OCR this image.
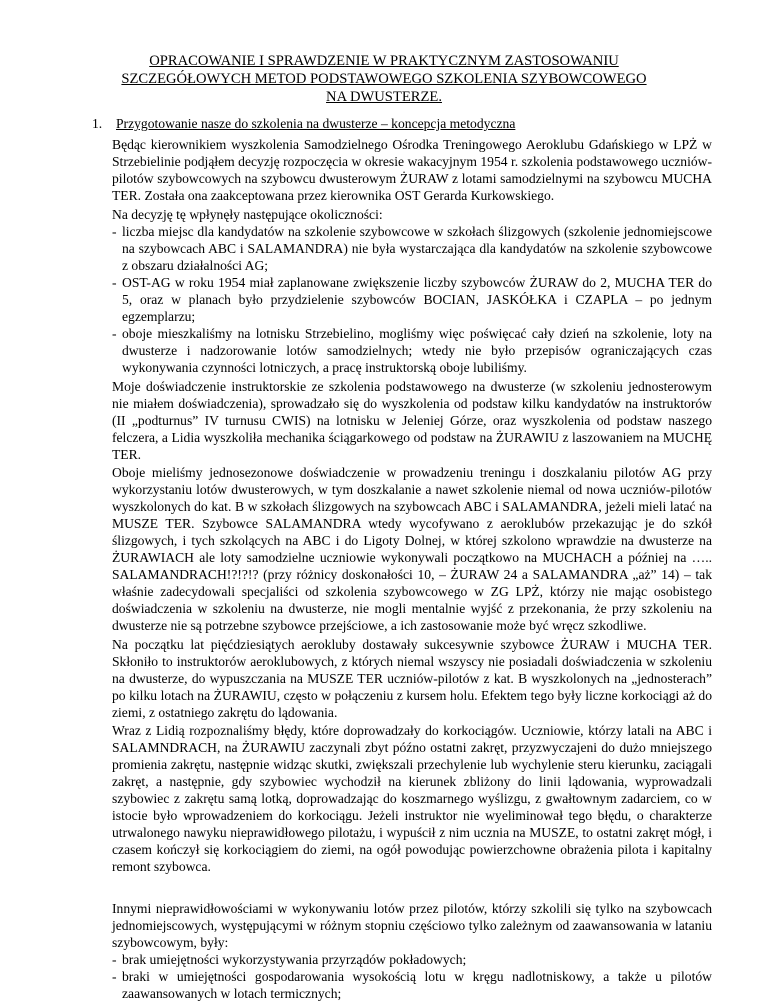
OPRACOWANIE I SPRAWDZENIE W PRAKTYCZNYM ZASTOSOWANIU
SZCZEGÓŁOWYCH METOD PODSTAWOWEGO SZKOLENIA SZYBOWCOWEGO
NA DWUSTERZE.
1. Przygotowanie nasze do szkolenia na dwusterze – koncepcja metodyczna

Będąc kierownikiem wyszkolenia Samodzielnego Ośrodka Treningowego Aeroklubu Gdańskiego w LPŻ w Strzebielinie podjąłem decyzję rozpoczęcia w okresie wakacyjnym 1954 r. szkolenia podstawowego uczniów-pilotów szybowcowych na szybowcu dwusterowym ŻURAW z lotami samodzielnymi na szybowcu MUCHA TER. Została ona zaakceptowana przez kierownika OST Gerarda Kurkowskiego.

Na decyzję tę wpłynęły następujące okoliczności:

- liczba miejsc dla kandydatów na szkolenie szybowcowe w szkołach ślizgowych (szkolenie jednomiejscowe na szybowcach ABC i SALAMANDRA) nie była wystarczająca dla kandydatów na szkolenie szybowcowe z obszaru działalności AG;
- OST-AG w roku 1954 miał zaplanowane zwiększenie liczby szybowców ŻURAW do 2, MUCHA TER do 5, oraz w planach było przydzielenie szybowców BOCIAN, JASKÓŁKA i CZAPLA – po jednym egzemplarzu;
- oboje mieszkaliśmy na lotnisku Strzebielino, mogliśmy więc poświęcać cały dzień na szkolenie, loty na dwusterze i nadzorowanie lotów samodzielnych; wtedy nie było przepisów ograniczających czas wykonywania czynności lotniczych, a pracę instruktorską oboje lubiliśmy.

Moje doświadczenie instruktorskie ze szkolenia podstawowego na dwusterze (w szkoleniu jednosterowym nie miałem doświadczenia), sprowadzało się do wyszkolenia od podstaw kilku kandydatów na instruktorów (II „podturnus” IV turnusu CWIS) na lotnisku w Jeleniej Górze, oraz wyszkolenia od podstaw naszego felczera, a Lidia wyszkoliła mechanika ściągarkowego od podstaw na ŻURAWIU z laszowaniem na MUCHĘ TER.

Oboje mieliśmy jednosezonowe doświadczenie w prowadzeniu treningu i doszkalaniu pilotów AG przy wykorzystaniu lotów dwusterowych, w tym doszkalanie a nawet szkolenie niemal od nowa uczniów-pilotów wyszkolonych do kat. B w szkołach ślizgowych na szybowcach ABC i SALAMANDRA, jeżeli mieli latać na MUSZE TER. Szybowce SALAMANDRA wtedy wycofywano z aeroklubów przekazując je do szkół ślizgowych, i tych szkolących na ABC i do Ligoty Dolnej, w której szkolono wprawdzie na dwusterze na ŻURAWIACH ale loty samodzielne uczniowie wykonywali początkowo na MUCHACH a później na ….. SALAMANDRACH!?!?!? (przy różnicy doskonałości 10, – ŻURAW 24 a SALAMANDRA „aż” 14) – tak właśnie zadecydowali specjaliści od szkolenia szybowcowego w ZG LPŻ, którzy nie mając osobistego doświadczenia w szkoleniu na dwusterze, nie mogli mentalnie wyjść z przekonania, że przy szkoleniu na dwusterze nie są potrzebne szybowce przejściowe, a ich zastosowanie może być wręcz szkodliwe.

Na początku lat pięćdziesiątych aerokluby dostawały sukcesywnie szybowce ŻURAW i MUCHA TER. Skłoniło to instruktorów aeroklubowych, z których niemal wszyscy nie posiadali doświadczenia w szkoleniu na dwusterze, do wypuszczania na MUSZE TER uczniów-pilotów z kat. B wyszkolonych na „jednosterach” po kilku lotach na ŻURAWIU, często w połączeniu z kursem holu. Efektem tego były liczne korkociągi aż do ziemi, z ostatniego zakrętu do lądowania.

Wraz z Lidią rozpoznaliśmy błędy, które doprowadzały do korkociągów. Uczniowie, którzy latali na ABC i SALAMNDRACH, na ŻURAWIU zaczynali zbyt późno ostatni zakręt, przyzwyczajeni do dużo mniejszego promienia zakrętu, następnie widząc skutki, zwiększali przechylenie lub wychylenie steru kierunku, zaciągali zakręt, a następnie, gdy szybowiec wychodził na kierunek zbliżony do linii lądowania, wyprowadzali szybowiec z zakrętu samą lotką, doprowadzając do koszmarnego wyślizgu, z gwałtownym zadarciem, co w istocie było wprowadzeniem do korkociągu. Jeżeli instruktor nie wyeliminował tego błędu, o charakterze utrwalonego nawyku nieprawidłowego pilotażu, i wypuścił z nim ucznia na MUSZE, to ostatni zakręt mógł, i czasem kończył się korkociągiem do ziemi, na ogół powodując powierzchowne obrażenia pilota i kapitalny remont szybowca.

Innymi nieprawidłowościami w wykonywaniu lotów przez pilotów, którzy szkolili się tylko na szybowcach jednomiejscowych, występującymi w różnym stopniu częściowo tylko zależnym od zaawansowania w lataniu szybowcowym, były:

- brak umiejętności wykorzystywania przyrządów pokładowych;
- braki w umiejętności gospodarowania wysokością lotu w kręgu nadlotniskowy, a także u pilotów zaawansowanych w lotach termicznych;
